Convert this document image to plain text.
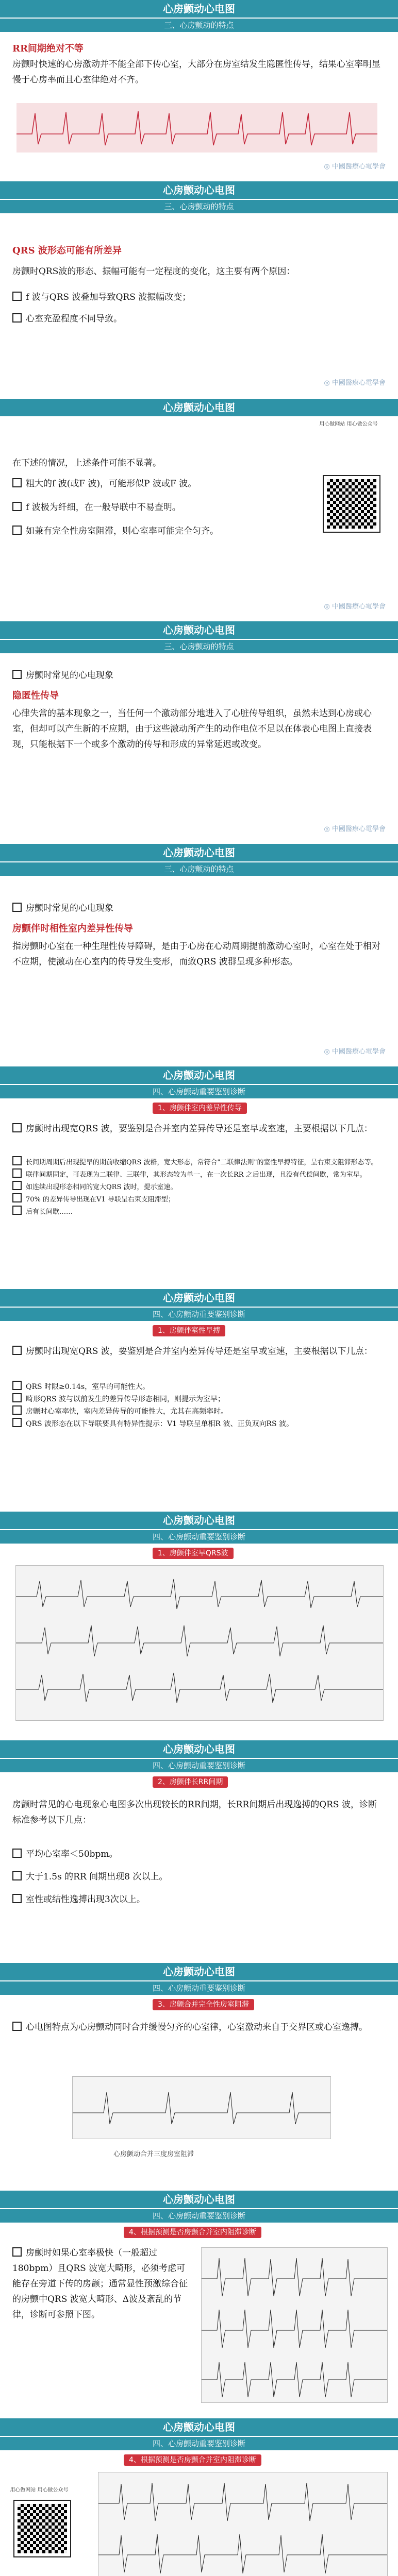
心房颤动心电图
三、心房颤动的特点
RR间期绝对不等
房颤时快速的心房激动并不能全部下传心室，大部分在房室结发生隐匿性传导，结果心室率明显慢于心房率而且心室律绝对不齐。
◎ 中國醫療心電學會
心房颤动心电图
三、心房颤动的特点
QRS 波形态可能有所差异
房颤时QRS波的形态、振幅可能有一定程度的变化，这主要有两个原因：
f 波与QRS 波叠加导致QRS 波振幅改变；
心室充盈程度不同导致。
◎ 中國醫療心電學會
心房颤动心电图
在下述的情况，上述条件可能不显著。
粗大的f 波(或F 波)，可能形似P 波或F 波。
f 波极为纤细，在一般导联中不易查明。
如兼有完全性房室阻滞，则心室率可能完全匀齐。
用心做网站 用心做公众号
◎ 中國醫療心電學會
心房颤动心电图
三、心房颤动的特点
房颤时常见的心电现象
隐匿性传导
心律失常的基本现象之一，当任何一个激动部分地进入了心脏传导组织，虽然未达到心房或心室，但却可以产生新的不应期，由于这些激动所产生的动作电位不足以在体表心电图上直接表现，只能根据下一个或多个激动的传导和形成的异常延迟或改变。
◎ 中國醫療心電學會
心房颤动心电图
三、心房颤动的特点
房颤时常见的心电现象
房颤伴时相性室内差异性传导
指房颤时心室在一种生理性传导障碍，是由于心房在心动周期提前激动心室时，心室在处于相对不应期，使激动在心室内的传导发生变形，而致QRS 波群呈现多种形态。
◎ 中國醫療心電學會
心房颤动心电图
四、心房颤动重要鉴别诊断
1、房颤伴室内差异性传导
房颤时出现宽QRS 波，要鉴别是合并室内差异传导还是室早或室速，主要根据以下几点：
长间期周期后出现提早的期前收缩QRS 波群，宽大形态，常符合"二联律法则"的室性早搏特征，呈右束支阻滞形态等。
联律间期固定，可表现为二联律、三联律，其形态较为单一，在一次长RR 之后出现，且没有代偿间歇，常为室早。
如连续出现形态相同的宽大QRS 波时，提示室速。
70% 的差异传导出现在V1 导联呈右束支阻滞型；
后有长间歇……
心房颤动心电图
四、心房颤动重要鉴别诊断
1、房颤伴室性早搏
房颤时出现宽QRS 波，要鉴别是合并室内差异传导还是室早或室速，主要根据以下几点：
QRS 时限≥0.14s，室早的可能性大。
畸形QRS 波与以前发生的差异传导形态相同，则提示为室早；
房颤时心室率快，室内差异传导的可能性大，尤其在高频率时。
QRS 波形态在以下导联要具有特异性提示：V1 导联呈单相R 波、正负双向RS 波。
心房颤动心电图
四、心房颤动重要鉴别诊断
1、房颤伴室早QRS波
心房颤动心电图
四、心房颤动重要鉴别诊断
2、房颤伴长RR间期
房颤时常见的心电现象心电图多次出现较长的RR间期，长RR间期后出现逸搏的QRS 波，诊断标准参考以下几点：
平均心室率＜50bpm。
大于1.5s 的RR 间期出现8 次以上。
室性或结性逸搏出现3次以上。
心房颤动心电图
四、心房颤动重要鉴别诊断
3、房颤合并完全性房室阻滞
心电图特点为心房颤动同时合并缓慢匀齐的心室律，心室激动来自于交界区或心室逸搏。
心房颤动合并三度房室阻滞
心房颤动心电图
四、心房颤动重要鉴别诊断
4、根据预测是否房颤合并室内阻滞诊断
房颤时如果心室率极快（一般超过180bpm）且QRS 波宽大畸形，必须考虑可能存在旁道下传的房颤；通常显性预激综合征的房颤中QRS 波宽大畸形、Δ波及紊乱的节律，诊断可参照下图。
心房颤动心电图
四、心房颤动重要鉴别诊断
4、根据预测是否房颤合并室内阻滞诊断
用心做网站 用心做公众号
